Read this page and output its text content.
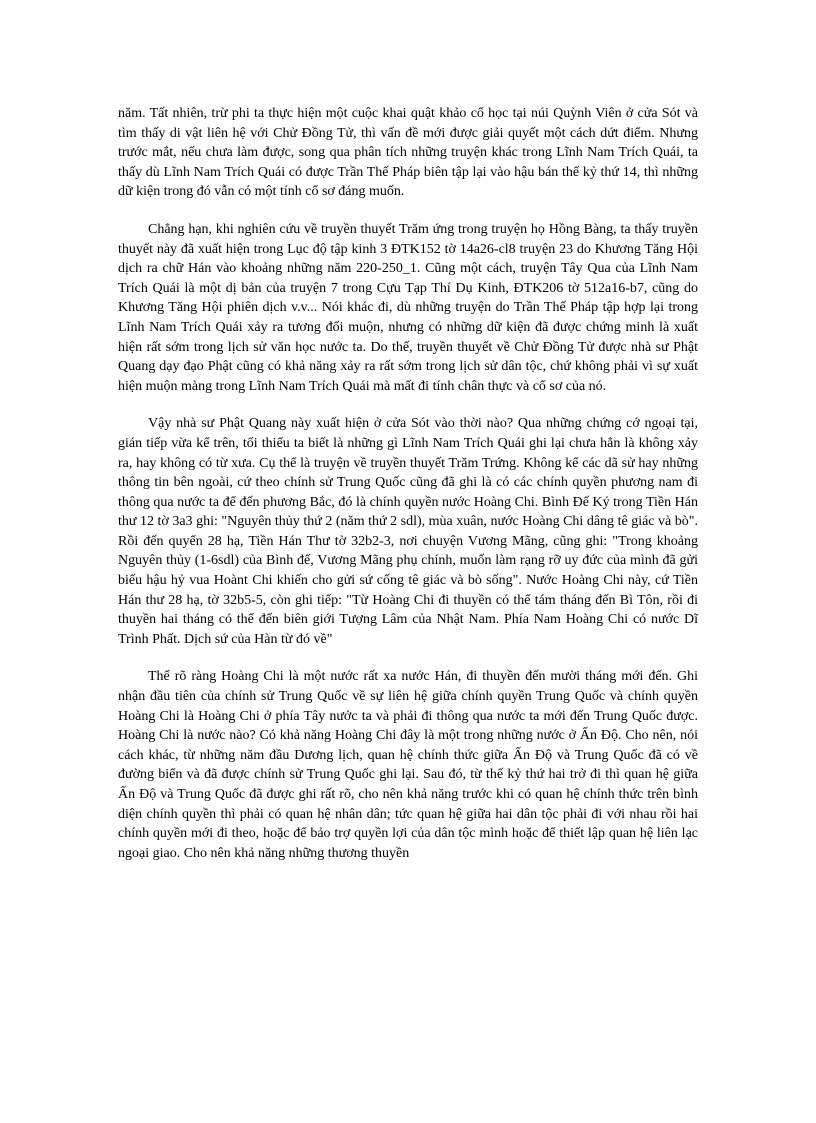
năm. Tất nhiên, trừ phi ta thực hiện một cuộc khai quật khảo cổ học tại núi Quỳnh Viên ở cửa Sót và tìm thấy di vật liên hệ với Chử Đồng Tử, thì vấn đề mới được giải quyết một cách dứt điểm. Nhưng trước mắt, nếu chưa làm được, song qua phân tích những truyện khác trong Lĩnh Nam Trích Quái, ta thấy dù Lĩnh Nam Trích Quái có được Trần Thế Pháp biên tập lại vào hậu bán thế kỷ thứ 14, thì những dữ kiện trong đó vẫn có một tính cổ sơ đáng muốn.

Chẳng hạn, khi nghiên cứu về truyền thuyết Trăm ứng trong truyện họ Hồng Bàng, ta thấy truyền thuyết này đã xuất hiện trong Lục độ tập kinh 3 ĐTK152 tờ 14a26-cl8 truyện 23 do Khương Tăng Hội dịch ra chữ Hán vào khoảng những năm 220-250_1. Cũng một cách, truyện Tây Qua của Lĩnh Nam Trích Quái là một dị bản của truyện 7 trong Cựu Tạp Thí Dụ Kinh, ĐTK206 tờ 512a16-b7, cũng do Khương Tăng Hội phiên dịch v.v... Nói khác đi, dù những truyện do Trần Thế Pháp tập hợp lại trong Lĩnh Nam Trích Quái xảy ra tương đối muộn, nhưng có những dữ kiện đã được chứng minh là xuất hiện rất sớm trong lịch sử văn học nước ta. Do thế, truyền thuyết về Chử Đồng Tử được nhà sư Phật Quang dạy đạo Phật cũng có khả năng xảy ra rất sớm trong lịch sử dân tộc, chứ không phải vì sự xuất hiện muộn màng trong Lĩnh Nam Trích Quái mà mất đi tính chân thực và cổ sơ của nó.

Vậy nhà sư Phật Quang này xuất hiện ở cửa Sót vào thời nào? Qua những chứng cớ ngoại tại, gián tiếp vừa kể trên, tối thiểu ta biết là những gì Lĩnh Nam Trích Quái ghi lại chưa hẳn là không xảy ra, hay không có từ xưa. Cụ thể là truyện về truyền thuyết Trăm Trứng. Không kể các dã sử hay những thông tin bên ngoài, cứ theo chính sử Trung Quốc cũng đã ghi là có các chính quyền phương nam đi thông qua nước ta để đến phương Bắc, đó là chính quyền nước Hoàng Chi. Bình Đế Ký trong Tiền Hán thư 12 tờ 3a3 ghi: "Nguyên thủy thứ 2 (năm thứ 2 sdl), mùa xuân, nước Hoàng Chi dâng tê giác và bò". Rồi đến quyển 28 hạ, Tiền Hán Thư tờ 32b2-3, nơi chuyện Vương Mãng, cũng ghi: "Trong khoảng Nguyên thủy (1-6sdl) của Bình đế, Vương Mãng phụ chính, muốn làm rạng rỡ uy đức của mình đã gửi biếu hậu hỷ vua Hoànt Chi khiến cho gửi sứ cống tê giác và bò sống". Nước Hoàng Chi này, cứ Tiền Hán thư 28 hạ, tờ 32b5-5, còn ghi tiếp: "Từ Hoàng Chi đi thuyền có thể tám tháng đến Bì Tôn, rồi đi thuyền hai tháng có thể đến biên giới Tượng Lâm của Nhật Nam. Phía Nam Hoàng Chi có nước Dĩ Trình Phất. Dịch sứ của Hàn từ đó về"

Thế rõ ràng Hoàng Chi là một nước rất xa nước Hán, đi thuyền đến mười tháng mới đến. Ghi nhận đầu tiên của chính sử Trung Quốc về sự liên hệ giữa chính quyền Trung Quốc và chính quyền Hoàng Chi là Hoàng Chi ở phía Tây nước ta và phải đi thông qua nước ta mới đến Trung Quốc được. Hoàng Chi là nước nào? Có khả năng Hoàng Chi đây là một trong những nước ở Ấn Độ. Cho nên, nói cách khác, từ những năm đầu Dương lịch, quan hệ chính thức giữa Ấn Độ và Trung Quốc đã có về đường biển và đã được chính sử Trung Quốc ghi lại. Sau đó, từ thế kỷ thứ hai trở đi thì quan hệ giữa Ấn Độ và Trung Quốc đã được ghi rất rõ, cho nên khả năng trước khi có quan hệ chính thức trên bình diện chính quyền thì phải có quan hệ nhân dân; tức quan hệ giữa hai dân tộc phải đi với nhau rồi hai chính quyền mới đi theo, hoặc để bảo trợ quyền lợi của dân tộc mình hoặc để thiết lập quan hệ liên lạc ngoại giao. Cho nên khả năng những thương thuyền
